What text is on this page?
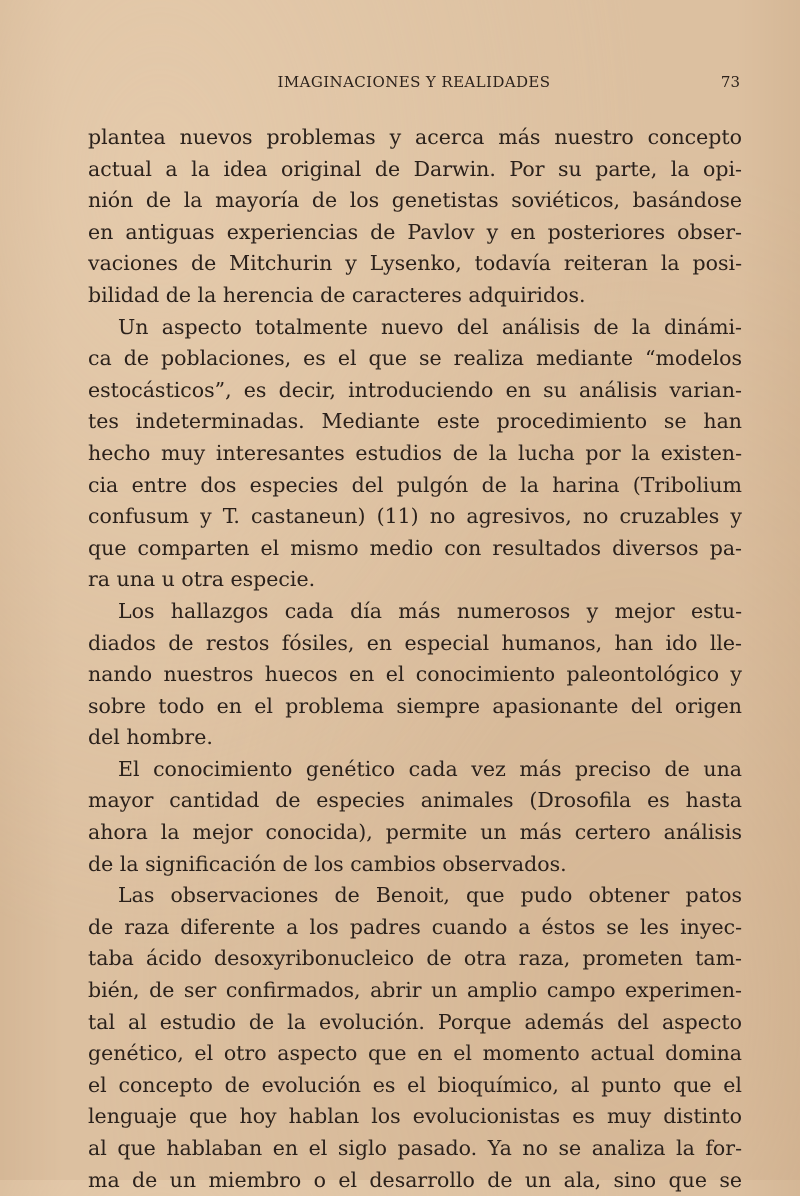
IMAGINACIONES Y REALIDADES	73
plantea nuevos problemas y acerca más nuestro concepto
actual a la idea original de Darwin. Por su parte, la opi-
nión de la mayoría de los genetistas soviéticos, basándose
en antiguas experiencias de Pavlov y en posteriores obser-
vaciones de Mitchurin y Lysenko, todavía reiteran la posi-
bilidad de la herencia de caracteres adquiridos.
Un aspecto totalmente nuevo del análisis de la dinámi-
ca de poblaciones, es el que se realiza mediante “modelos
estocásticos”, es decir, introduciendo en su análisis varian-
tes indeterminadas. Mediante este procedimiento se han
hecho muy interesantes estudios de la lucha por la existen-
cia entre dos especies del pulgón de la harina (Tribolium
confusum y T. castaneun) (11) no agresivos, no cruzables y
que comparten el mismo medio con resultados diversos pa-
ra una u otra especie.
Los hallazgos cada día más numerosos y mejor estu-
diados de restos fósiles, en especial humanos, han ido lle-
nando nuestros huecos en el conocimiento paleontológico y
sobre todo en el problema siempre apasionante del origen
del hombre.
El conocimiento genético cada vez más preciso de una
mayor cantidad de especies animales (Drosofila es hasta
ahora la mejor conocida), permite un más certero análisis
de la significación de los cambios observados.
Las observaciones de Benoit, que pudo obtener patos
de raza diferente a los padres cuando a éstos se les inyec-
taba ácido desoxyribonucleico de otra raza, prometen tam-
bién, de ser confirmados, abrir un amplio campo experimen-
tal al estudio de la evolución. Porque además del aspecto
genético, el otro aspecto que en el momento actual domina
el concepto de evolución es el bioquímico, al punto que el
lenguaje que hoy hablan los evolucionistas es muy distinto
al que hablaban en el siglo pasado. Ya no se analiza la for-
ma de un miembro o el desarrollo de un ala, sino que se
